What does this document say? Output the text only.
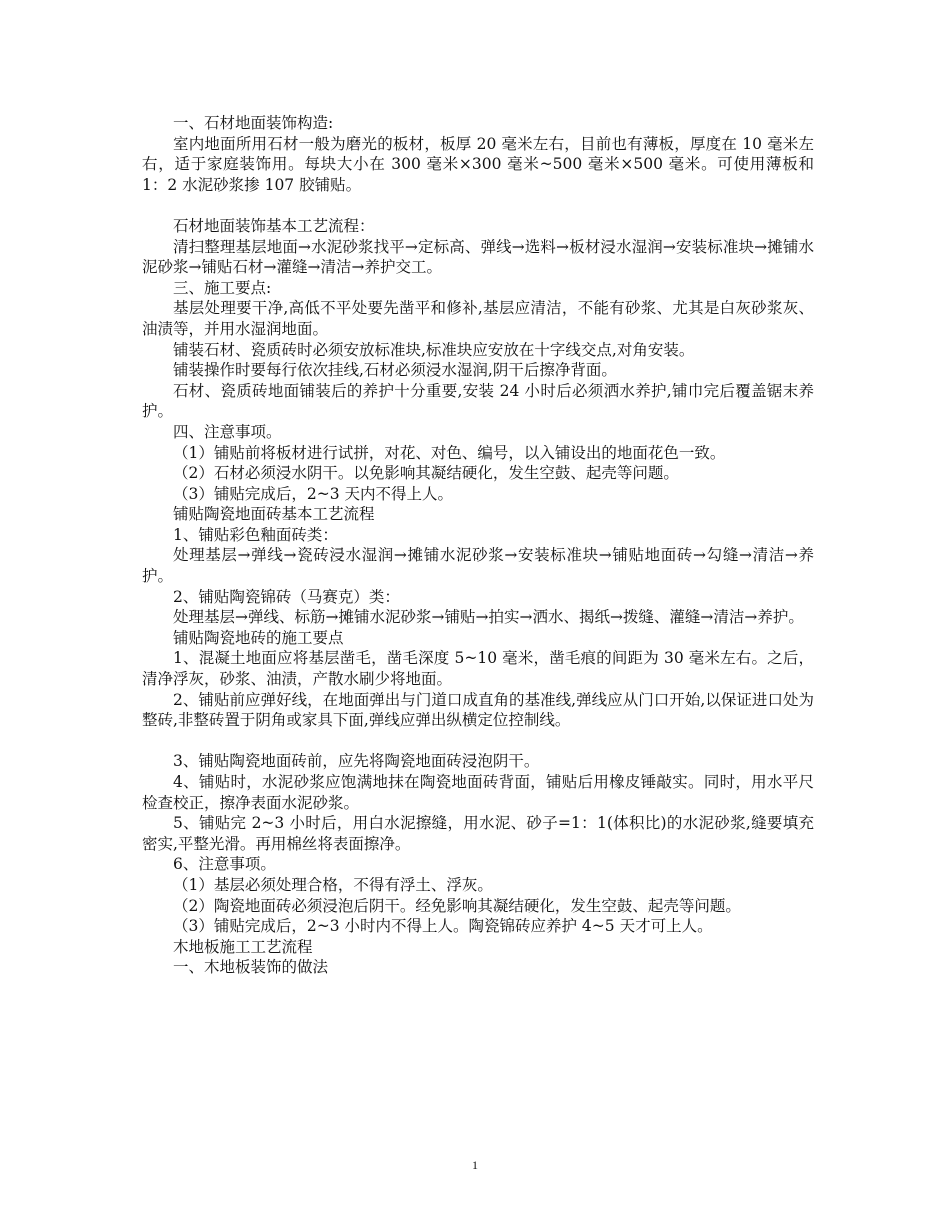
一、石材地面装饰构造:

室内地面所用石材一般为磨光的板材，板厚 20 毫米左右，目前也有薄板，厚度在 10 毫米左右，适于家庭装饰用。每块大小在 300 毫米×300 毫米~500 毫米×500 毫米。可使用薄板和 1：2 水泥砂浆掺 107 胶铺贴。

石材地面装饰基本工艺流程：

清扫整理基层地面→水泥砂浆找平→定标高、弹线→选料→板材浸水湿润→安装标准块→摊铺水泥砂浆→铺贴石材→灌缝→清洁→养护交工。

三、施工要点:

基层处理要干净,高低不平处要先凿平和修补,基层应清洁，不能有砂浆、尤其是白灰砂浆灰、油渍等，并用水湿润地面。

铺装石材、瓷质砖时必须安放标准块,标准块应安放在十字线交点,对角安装。

铺装操作时要每行依次挂线,石材必须浸水湿润,阴干后擦净背面。

石材、瓷质砖地面铺装后的养护十分重要,安装 24 小时后必须洒水养护,铺巾完后覆盖锯末养护。

四、注意事项。

（1）铺贴前将板材进行试拼，对花、对色、编号，以入铺设出的地面花色一致。

（2）石材必须浸水阴干。以免影响其凝结硬化，发生空鼓、起壳等问题。

（3）铺贴完成后，2~3 天内不得上人。

铺贴陶瓷地面砖基本工艺流程

1、铺贴彩色釉面砖类：

处理基层→弹线→瓷砖浸水湿润→摊铺水泥砂浆→安装标准块→铺贴地面砖→勾缝→清洁→养护。

2、铺贴陶瓷锦砖（马赛克）类：

处理基层→弹线、标筋→摊铺水泥砂浆→铺贴→拍实→洒水、揭纸→拨缝、灌缝→清洁→养护。

铺贴陶瓷地砖的施工要点

1、混凝土地面应将基层凿毛，凿毛深度 5~10 毫米，凿毛痕的间距为 30 毫米左右。之后，清净浮灰，砂浆、油渍，产散水刷少将地面。

2、铺贴前应弹好线，在地面弹出与门道口成直角的基准线,弹线应从门口开始,以保证进口处为整砖,非整砖置于阴角或家具下面,弹线应弹出纵横定位控制线。

3、铺贴陶瓷地面砖前，应先将陶瓷地面砖浸泡阴干。

4、铺贴时，水泥砂浆应饱满地抹在陶瓷地面砖背面，铺贴后用橡皮锤敲实。同时，用水平尺检查校正，擦净表面水泥砂浆。

5、铺贴完 2~3 小时后，用白水泥擦缝，用水泥、砂子=1：1(体积比)的水泥砂浆,缝要填充密实,平整光滑。再用棉丝将表面擦净。

6、注意事项。

（1）基层必须处理合格，不得有浮土、浮灰。

（2）陶瓷地面砖必须浸泡后阴干。经免影响其凝结硬化，发生空鼓、起壳等问题。

（3）铺贴完成后，2~3 小时内不得上人。陶瓷锦砖应养护 4~5 天才可上人。

木地板施工工艺流程

一、木地板装饰的做法

1
